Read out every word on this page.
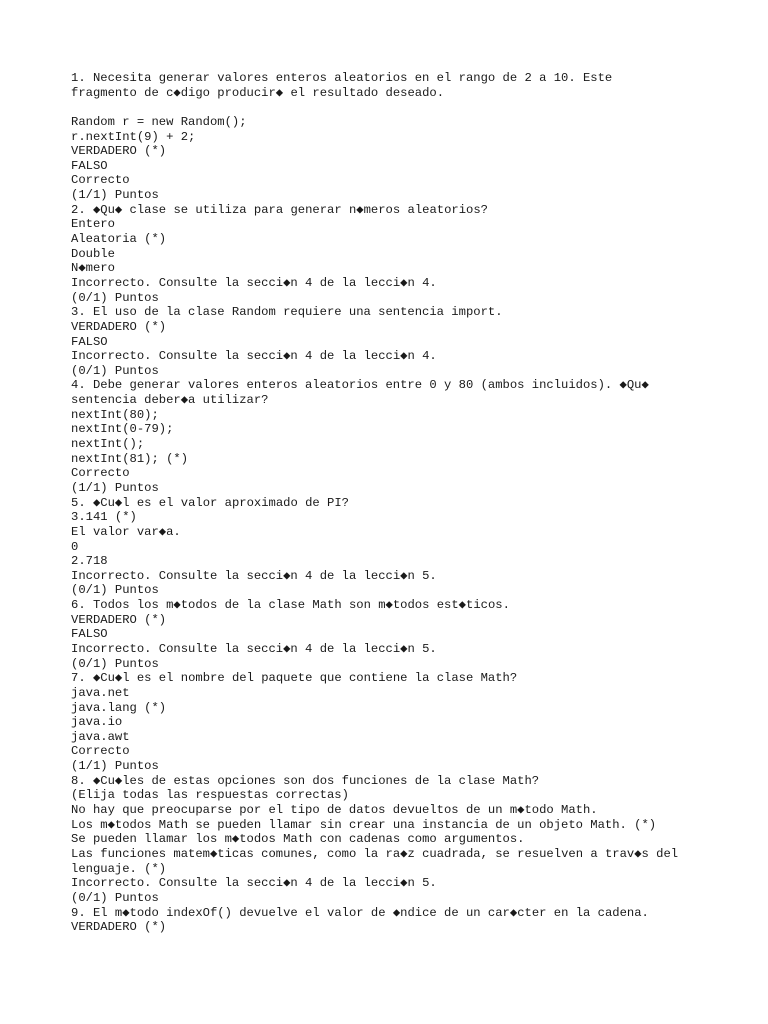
1. Necesita generar valores enteros aleatorios en el rango de 2 a 10. Este
fragmento de c◆digo producir◆ el resultado deseado.
Random r = new Random();
r.nextInt(9) + 2;
VERDADERO (*)
FALSO
Correcto
(1/1) Puntos
2. ◆Qu◆ clase se utiliza para generar n◆meros aleatorios?
Entero
Aleatoria (*)
Double
N◆mero
Incorrecto. Consulte la secci◆n 4 de la lecci◆n 4.
(0/1) Puntos
3. El uso de la clase Random requiere una sentencia import.
VERDADERO (*)
FALSO
Incorrecto. Consulte la secci◆n 4 de la lecci◆n 4.
(0/1) Puntos
4. Debe generar valores enteros aleatorios entre 0 y 80 (ambos incluidos). ◆Qu◆
sentencia deber◆a utilizar?
nextInt(80);
nextInt(0-79);
nextInt();
nextInt(81); (*)
Correcto
(1/1) Puntos
5. ◆Cu◆l es el valor aproximado de PI?
3.141 (*)
El valor var◆a.
0
2.718
Incorrecto. Consulte la secci◆n 4 de la lecci◆n 5.
(0/1) Puntos
6. Todos los m◆todos de la clase Math son m◆todos est◆ticos.
VERDADERO (*)
FALSO
Incorrecto. Consulte la secci◆n 4 de la lecci◆n 5.
(0/1) Puntos
7. ◆Cu◆l es el nombre del paquete que contiene la clase Math?
java.net
java.lang (*)
java.io
java.awt
Correcto
(1/1) Puntos
8. ◆Cu◆les de estas opciones son dos funciones de la clase Math?
(Elija todas las respuestas correctas)
No hay que preocuparse por el tipo de datos devueltos de un m◆todo Math.
Los m◆todos Math se pueden llamar sin crear una instancia de un objeto Math. (*)
Se pueden llamar los m◆todos Math con cadenas como argumentos.
Las funciones matem◆ticas comunes, como la ra◆z cuadrada, se resuelven a trav◆s del
lenguaje. (*)
Incorrecto. Consulte la secci◆n 4 de la lecci◆n 5.
(0/1) Puntos
9. El m◆todo indexOf() devuelve el valor de ◆ndice de un car◆cter en la cadena.
VERDADERO (*)
